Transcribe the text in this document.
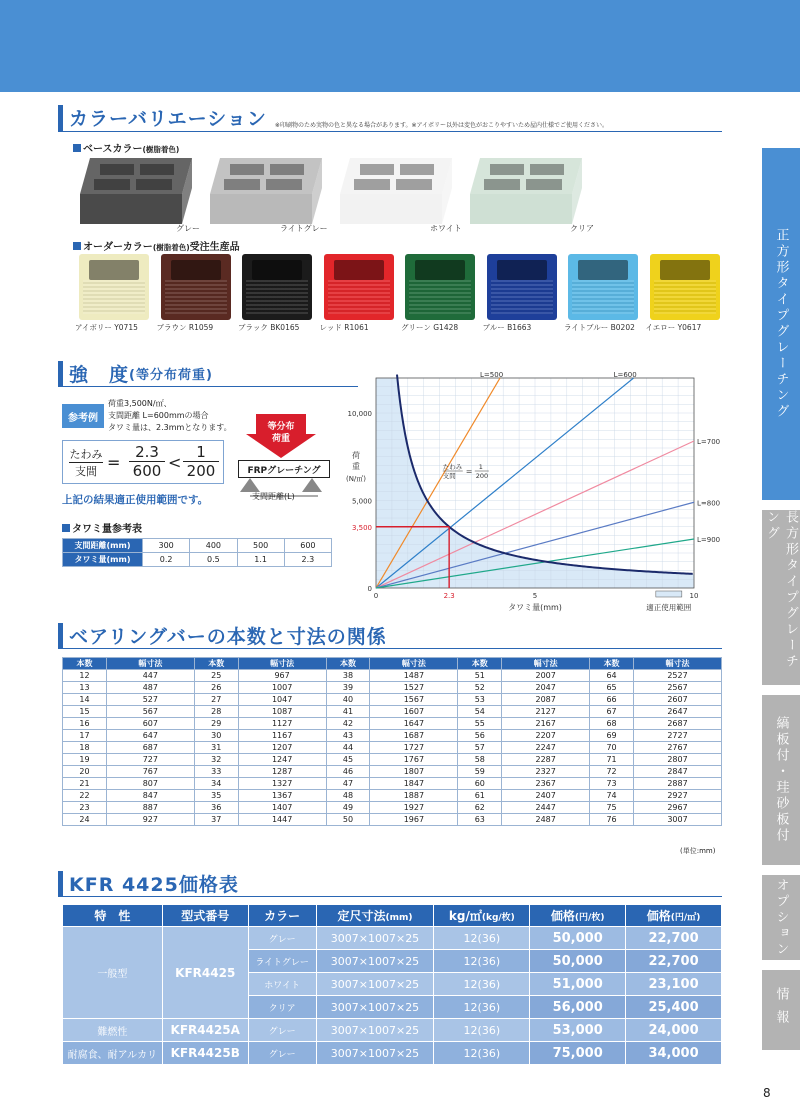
カラーバリエーション ※印刷物のため実物の色と異なる場合があります。※アイボリー以外は変色がおこりやすいため屋内仕様でご使用ください。
ベースカラー(樹脂着色)
グレー	ライトグレー	ホワイト	クリア
オーダーカラー(樹脂着色)受注生産品
アイボリー Y0715 ブラウン R1059	ブラック BK0165	レッド R1061	グリーン G1428	ブルー B1663	ライトブルー B0202 イエロー Y0617
強　度 (等分布荷重)
参考例
荷重3,500N/㎡、
支間距離 L=600mmの場合
タワミ量は、2.3mmとなります。
たわみ
支間 =
2.3
600 <
1
200
等分布
荷重
FRPグレーチング
支間距離(L)
上記の結果適正使用範囲です。
タワミ量参考表
支間距離(mm)	300	400	500	600
タワミ量(mm)	0.2	0.5	1.1	2.3
L=500	L=600
L=700
L=800
L=900
3,500
2.3
0	5	10
0
5,000
10,000
タワミ量(mm)
荷
重
(N/㎡)
たわみ
支間 = 1
200
適正使用範囲
ベアリングバーの本数と寸法の関係
本数	幅寸法	本数	幅寸法	本数	幅寸法	本数	幅寸法	本数	幅寸法
12	447	25	967	38	1487	51	2007	64	2527
13	487	26	1007	39	1527	52	2047	65	2567
14	527	27	1047	40	1567	53	2087	66	2607
15	567	28	1087	41	1607	54	2127	67	2647
16	607	29	1127	42	1647	55	2167	68	2687
17	647	30	1167	43	1687	56	2207	69	2727
18	687	31	1207	44	1727	57	2247	70	2767
19	727	32	1247	45	1767	58	2287	71	2807
20	767	33	1287	46	1807	59	2327	72	2847
21	807	34	1327	47	1847	60	2367	73	2887
22	847	35	1367	48	1887	61	2407	74	2927
23	887	36	1407	49	1927	62	2447	75	2967
24	927	37	1447	50	1967	63	2487	76	3007
(単位:mm)
KFR 4425価格表
特　性	型式番号	カラー	定尺寸法(mm)	kg/㎡(kg/枚)	価格(円/枚)	価格(円/㎡)
一般型	KFR4425	グレー	3007×1007×25	12(36)	50,000	22,700
		ライトグレー	3007×1007×25	12(36)	50,000	22,700
		ホワイト	3007×1007×25	12(36)	51,000	23,100
		クリア	3007×1007×25	12(36)	56,000	25,400
難燃性	KFR4425A	グレー	3007×1007×25	12(36)	53,000	24,000
耐腐食、耐アルカリ	KFR4425B	グレー	3007×1007×25	12(36)	75,000	34,000
正方形タイプグレーチング
長方形タイプグレーチング
縞板付・珪砂板付
オプション
情報
8
